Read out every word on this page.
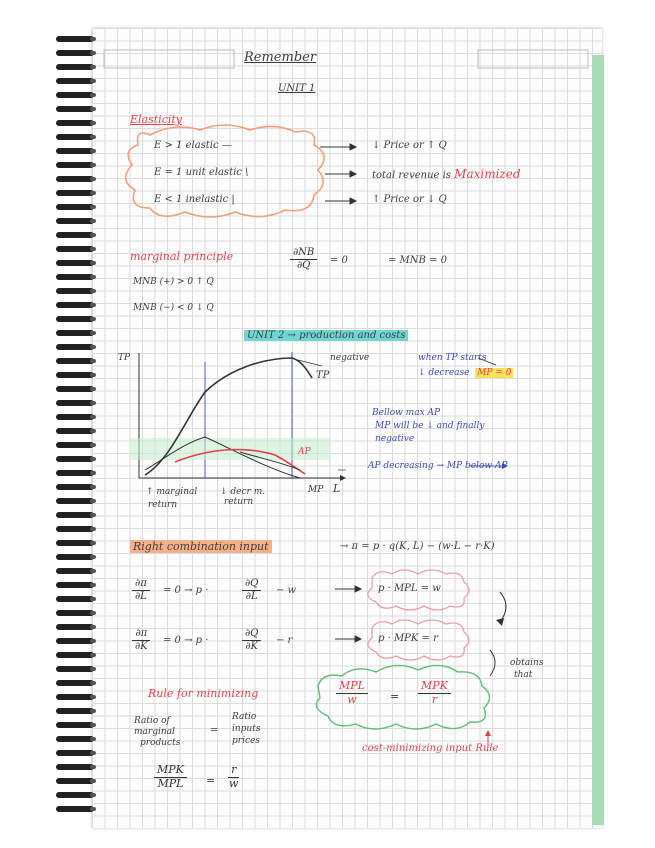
Remember
UNIT 1
Elasticity
E > 1 elastic —
E = 1 unit elastic \
E < 1 inelastic |
↓ Price or ↑ Q
total revenue is Maximized
↑ Price or ↓ Q
marginal principle	$\frac{\partial NB}{\partial Q} = 0$	= MNB = 0
MNB (+) > 0 ↑ Q
MNB (−) < 0 ↓ Q
UNIT 2 → production and costs
TP
TP
negative	when TP starts
↓ decrease MP = 0
Bellow max AP
MP will be ↓ and finally
negative
AP decreasing → MP below AP
AP
MP L
↑ marginal
return
↓ decr m.
return
Right combination input	→ π = p · q(K, L) − (w·L − r·K)
$\frac{\partial\pi}{\partial L} = 0 \to p$ ·	$\frac{\partial Q}{\partial L} - w$
$\frac{\partial\pi}{\partial K} = 0 \to p$ ·	$\frac{\partial Q}{\partial K} - r$
p · MPL = w
p · MPK = r
obtains
that
Rule for minimizing
MPL
w	=
MPK
r
Ratio of
marginal
products
=
Ratio
inputs
prices
cost-minimizing input Rule
MPK
MPL = $\frac{r}{w}$
